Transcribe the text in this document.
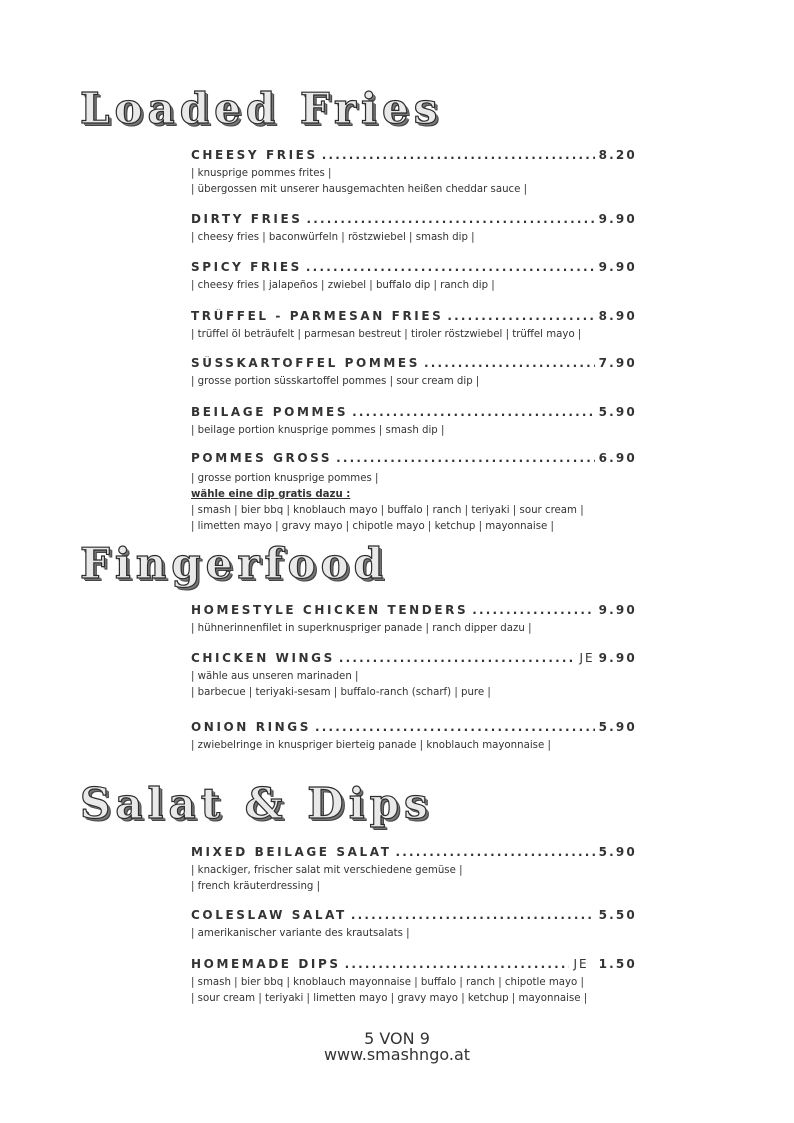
Loaded Fries
CHEESY FRIES .....	8.20
| knusprige pommes frites |
| übergossen mit unserer hausgemachten heißen cheddar sauce |
DIRTY FRIES .....	9.90
| cheesy fries | baconwürfeln | röstzwiebel | smash dip |
SPICY FRIES .....	9.90
| cheesy fries | jalapeños | zwiebel | buffalo dip | ranch dip |
TRÜFFEL - PARMESAN FRIES .....	8.90
| trüffel öl beträufelt | parmesan bestreut | tiroler röstzwiebel | trüffel mayo |
SÜSSKARTOFFEL POMMES .....	7.90
| grosse portion süsskartoffel pommes | sour cream dip |
BEILAGE POMMES .....	5.90
| beilage portion knusprige pommes | smash dip |
POMMES GROSS .....	6.90
| grosse portion knusprige pommes |
wähle eine dip gratis dazu :
| smash | bier bbq | knoblauch mayo | buffalo | ranch | teriyaki | sour cream |
| limetten mayo | gravy mayo | chipotle mayo | ketchup | mayonnaise |
Fingerfood
HOMESTYLE CHICKEN TENDERS .....	9.90
| hühnerinnenfilet in superknuspriger panade | ranch dipper dazu |
CHICKEN WINGS .....	JE 9.90
| wähle aus unseren marinaden |
| barbecue | teriyaki-sesam | buffalo-ranch (scharf) | pure |
ONION RINGS .....	5.90
| zwiebelringe in knuspriger bierteig panade | knoblauch mayonnaise |
Salat & Dips
MIXED BEILAGE SALAT .....	5.90
| knackiger, frischer salat mit verschiedene gemüse |
| french kräuterdressing |
COLESLAW SALAT .....	5.50
| amerikanischer variante des krautsalats |
HOMEMADE DIPS .....	JE 1.50
| smash | bier bbq | knoblauch mayonnaise | buffalo | ranch | chipotle mayo |
| sour cream | teriyaki | limetten mayo | gravy mayo | ketchup | mayonnaise |
5 VON 9
www.smashngo.at
